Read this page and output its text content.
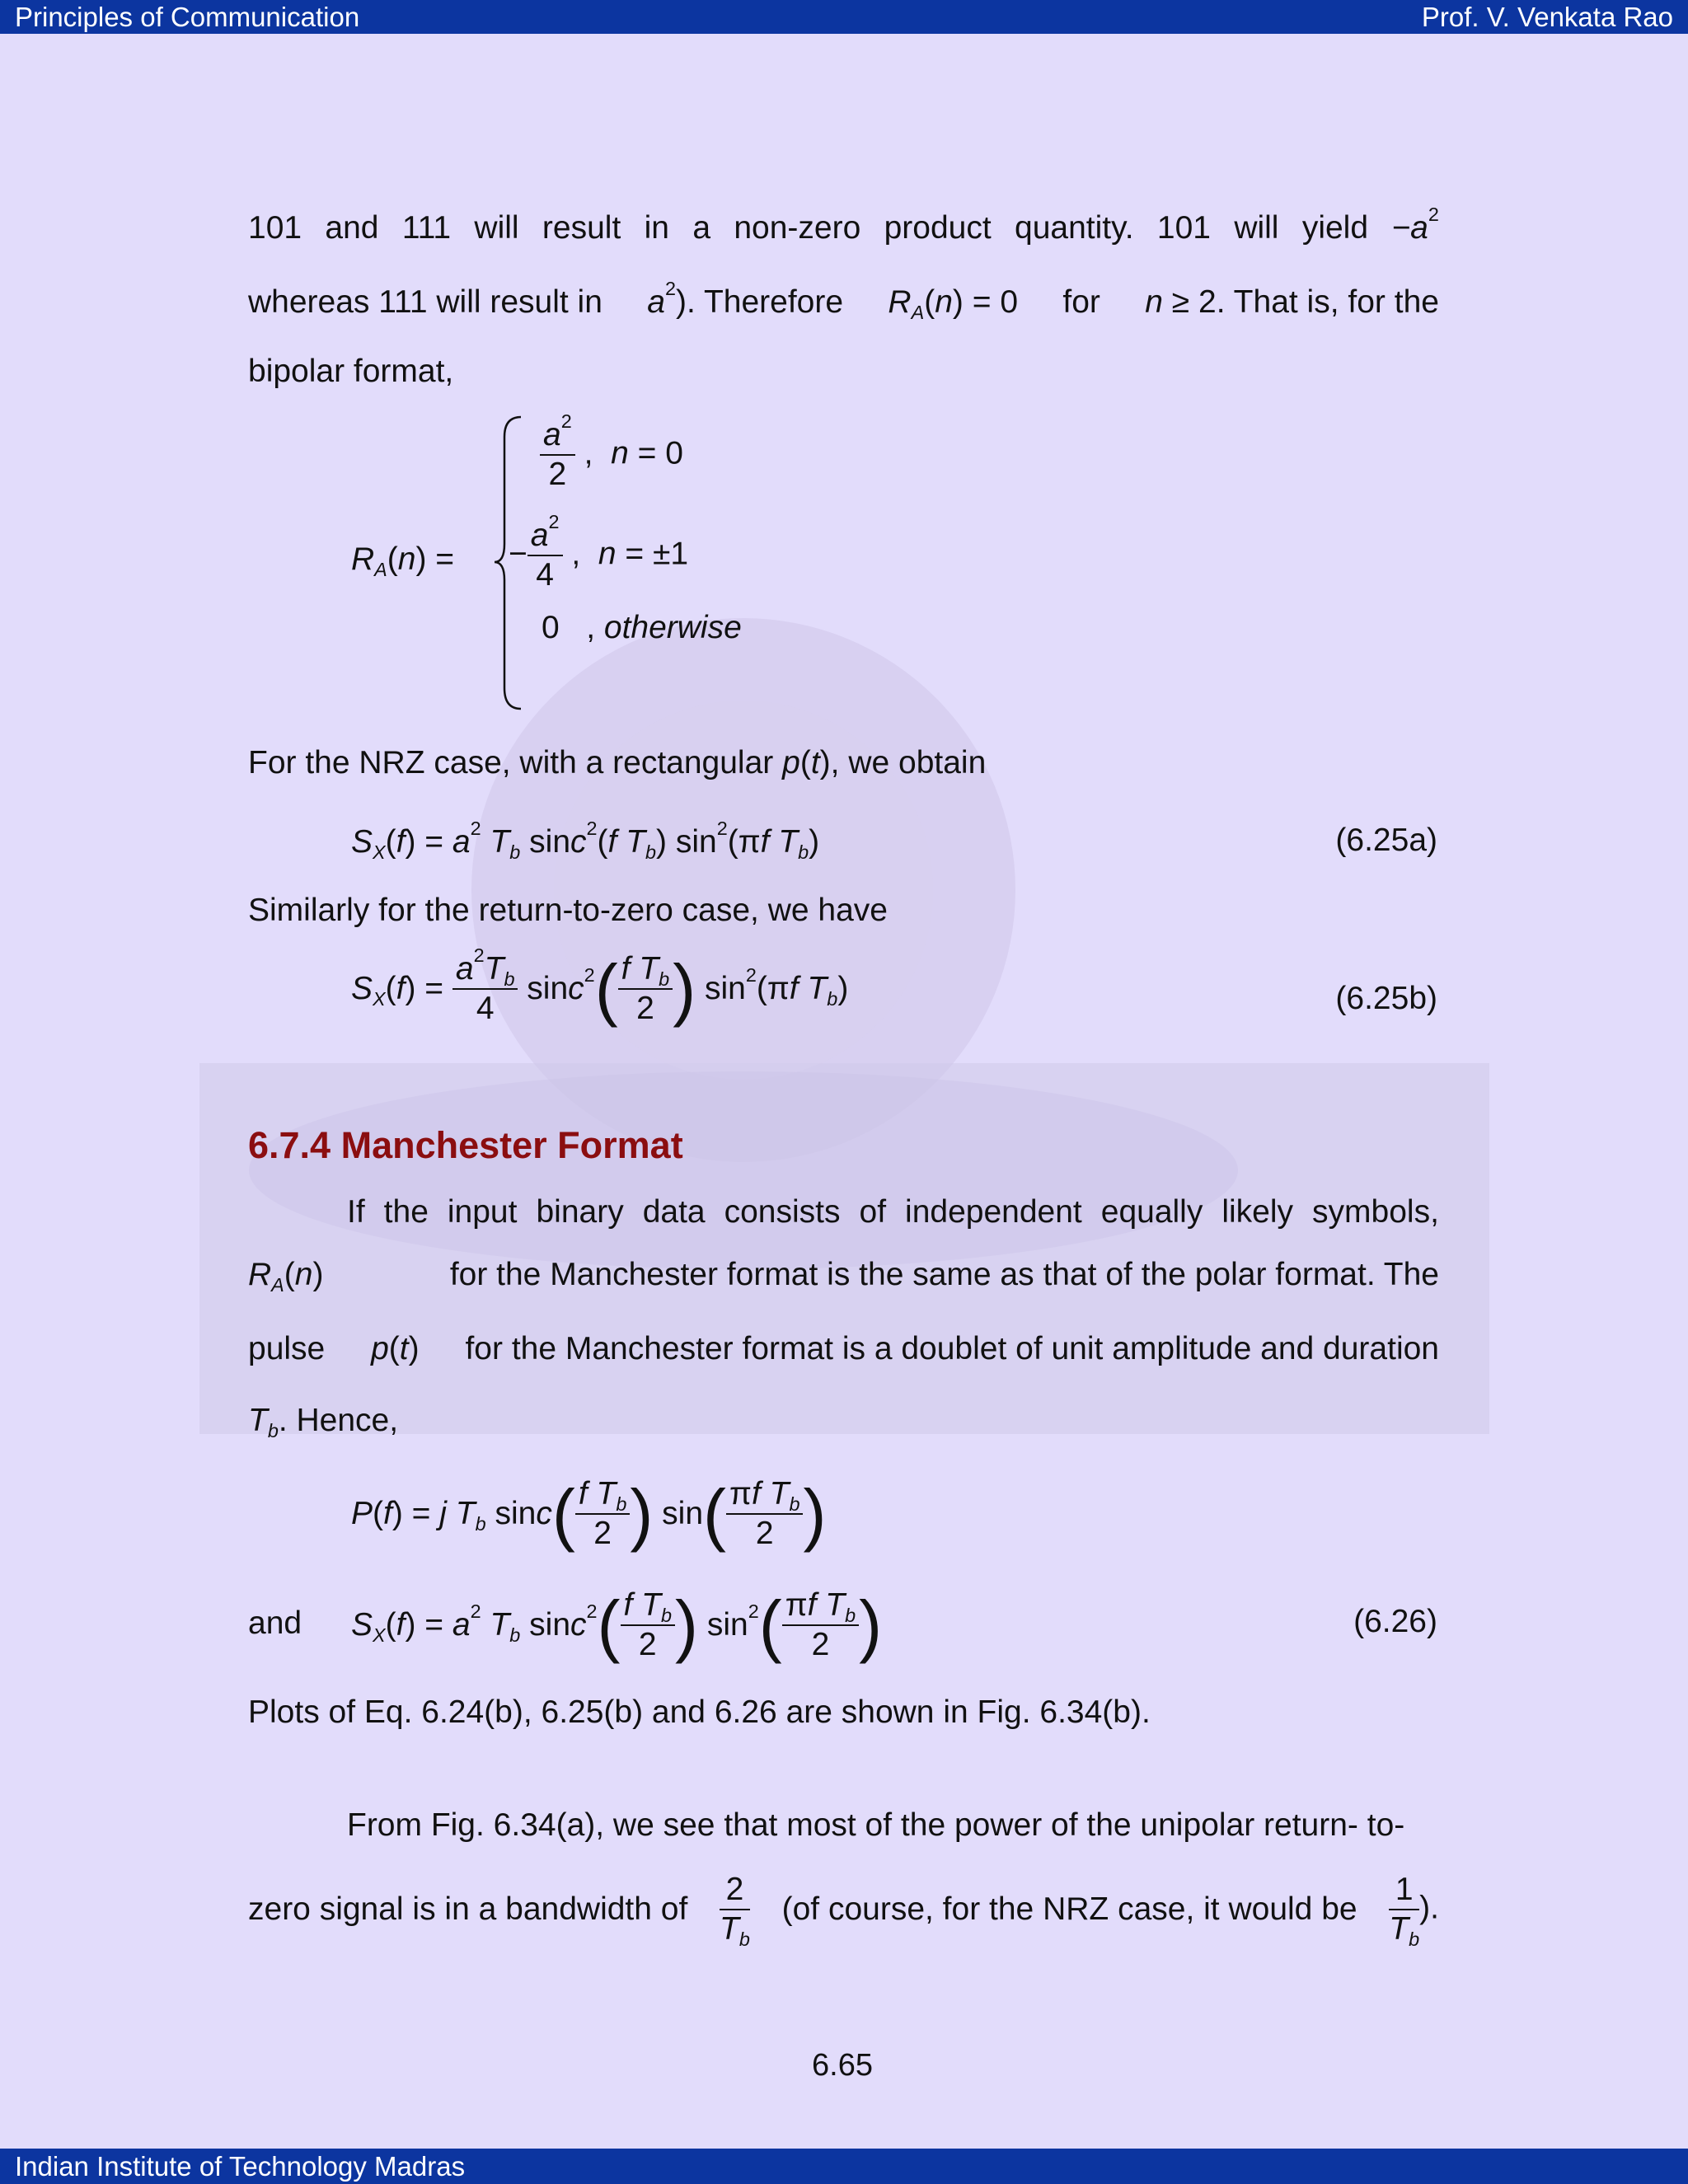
Principles of Communication	Prof. V. Venkata Rao
101 and 111 will result in a non-zero product quantity. 101 will yield $-a^2$
whereas 111 will result in $a^2$). Therefore $R_A(n) = 0$ for n ≥ 2. That is, for the
bipolar format,
$R_A(n)$ =
$\frac{a^2}{2}$ ,  n = 0
− $\frac{a^2}{4}$ ,  n = ±1
0   , otherwise
For the NRZ case, with a rectangular p(t), we obtain
$S_X(f) = a^2$ $T_b$ sinc$^2$(f $T_b$) $\sin^2(\pi f$ $T_b$)	(6.25a)
Similarly for the return-to-zero case, we have
$S_X(f) = \frac{a^2T_b}{4} \sin c^2$ ( $\frac{f T_b}{2}$ ) $\sin^2(\pi f$ $T_b$)	(6.25b)
6.7.4 Manchester Format
If the input binary data consists of independent equally likely symbols,
$R_A(n)$	for the Manchester format is the same as that of the polar format. The
pulse p(t) for the Manchester format is a doublet of unit amplitude and duration
$T_b$. Hence,
P(f) = j $T_b$ sinc ( $\frac{f T_b}{2}$ ) sin ( $\frac{\pi f T_b}{2}$ )
and $S_X(f) = a^2$ $T_b$ sinc$^2$ ( $\frac{f T_b}{2}$ ) $\sin^2$ ( $\frac{\pi f T_b}{2}$ )	(6.26)
Plots of Eq. 6.24(b), 6.25(b) and 6.26 are shown in Fig. 6.34(b).
From Fig. 6.34(a), we see that most of the power of the unipolar return- to-
zero signal is in a bandwidth of $\frac{2}{T_b} (of$ course, for the NRZ case, it would be $\frac{1}{T_b}$ ).
6.65
Indian Institute of Technology Madras
